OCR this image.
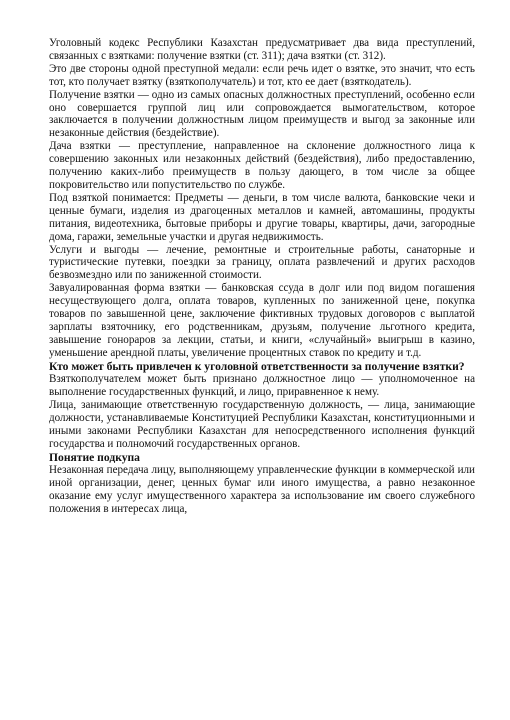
Уголовный кодекс Республики Казахстан предусматривает два вида преступлений, связанных с взятками: получение взятки (ст. 311); дача взятки (ст. 312).

Это две стороны одной преступной медали: если речь идет о взятке, это значит, что есть тот, кто получает взятку (взяткополучатель) и тот, кто ее дает (взяткодатель).

Получение взятки — одно из самых опасных должностных преступлений, особенно если оно совершается группой лиц или сопровождается вымогательством, которое заключается в получении должностным лицом преимуществ и выгод за законные или незаконные действия (бездействие).

Дача взятки — преступление, направленное на склонение должностного лица к совершению законных или незаконных действий (бездействия), либо предоставлению, получению каких-либо преимуществ в пользу дающего, в том числе за общее покровительство или попустительство по службе.

Под взяткой понимается: Предметы — деньги, в том числе валюта, банковские чеки и ценные бумаги, изделия из драгоценных металлов и камней, автомашины, продукты питания, видеотехника, бытовые приборы и другие товары, квартиры, дачи, загородные дома, гаражи, земельные участки и другая недвижимость.

Услуги и выгоды — лечение, ремонтные и строительные работы, санаторные и туристические путевки, поездки за границу, оплата развлечений и других расходов безвозмездно или по заниженной стоимости.

Завуалированная форма взятки — банковская ссуда в долг или под видом погашения несуществующего долга, оплата товаров, купленных по заниженной цене, покупка товаров по завышенной цене, заключение фиктивных трудовых договоров с выплатой зарплаты взяточнику, его родственникам, друзьям, получение льготного кредита, завышение гонораров за лекции, статьи, и книги, «случайный» выигрыш в казино, уменьшение арендной платы, увеличение процентных ставок по кредиту и т.д.

Кто может быть привлечен к уголовной ответственности за получение взятки?

Взяткополучателем может быть признано должностное лицо — уполномоченное на выполнение государственных функций, и лицо, приравненное к нему.

Лица, занимающие ответственную государственную должность, — лица, занимающие должности, устанавливаемые Конституцией Республики Казахстан, конституционными и иными законами Республики Казахстан для непосредственного исполнения функций государства и полномочий государственных органов.

Понятие подкупа

Незаконная передача лицу, выполняющему управленческие функции в коммерческой или иной организации, денег, ценных бумаг или иного имущества, а равно незаконное оказание ему услуг имущественного характера за использование им своего служебного положения в интересах лица,
